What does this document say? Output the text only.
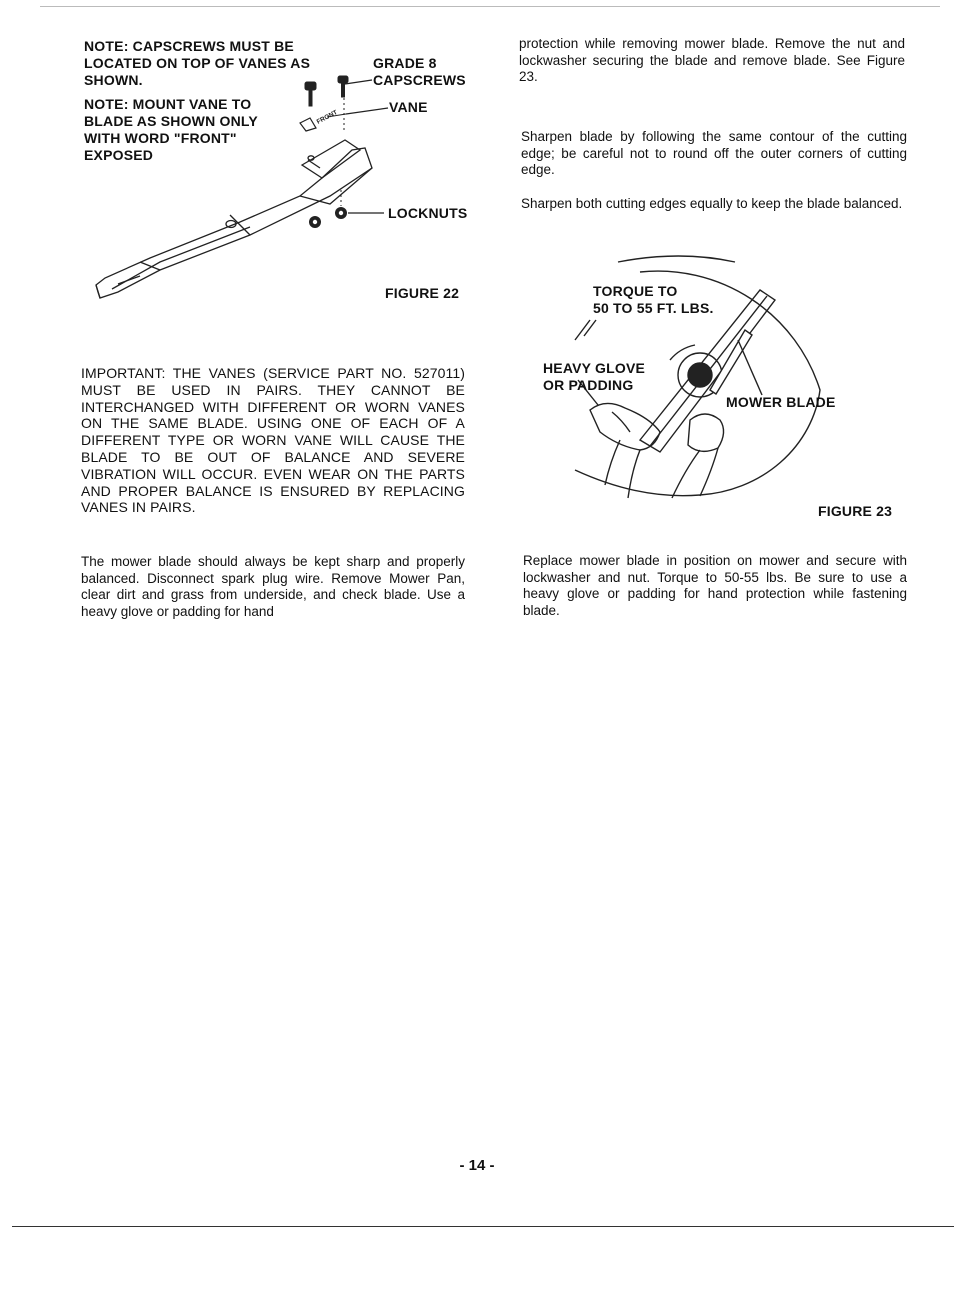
NOTE: CAPSCREWS MUST BE LOCATED ON TOP OF VANES AS SHOWN.
GRADE 8
CAPSCREWS
NOTE: MOUNT VANE TO BLADE AS SHOWN ONLY WITH WORD "FRONT" EXPOSED
VANE
LOCKNUTS
FIGURE 22
FRONT
IMPORTANT: THE VANES (SERVICE PART NO. 527011) MUST BE USED IN PAIRS. THEY CANNOT BE INTERCHANGED WITH DIFFERENT OR WORN VANES ON THE SAME BLADE. USING ONE OF EACH OF A DIFFERENT TYPE OR WORN VANE WILL CAUSE THE BLADE TO BE OUT OF BALANCE AND SEVERE VIBRATION WILL OCCUR. EVEN WEAR ON THE PARTS AND PROPER BALANCE IS ENSURED BY REPLACING VANES IN PAIRS.
The mower blade should always be kept sharp and properly balanced. Disconnect spark plug wire. Remove Mower Pan, clear dirt and grass from underside, and check blade. Use a heavy glove or padding for hand
protection while removing mower blade. Remove the nut and lockwasher securing the blade and remove blade. See Figure 23.
Sharpen blade by following the same contour of the cutting edge; be careful not to round off the outer corners of cutting edge.
Sharpen both cutting edges equally to keep the blade balanced.
Replace mower blade in position on mower and secure with lockwasher and nut. Torque to 50-55 lbs. Be sure to use a heavy glove or padding for hand protection while fastening blade.
TORQUE TO
50 TO 55 FT. LBS.
HEAVY GLOVE
OR PADDING
MOWER BLADE
FIGURE 23
- 14 -
